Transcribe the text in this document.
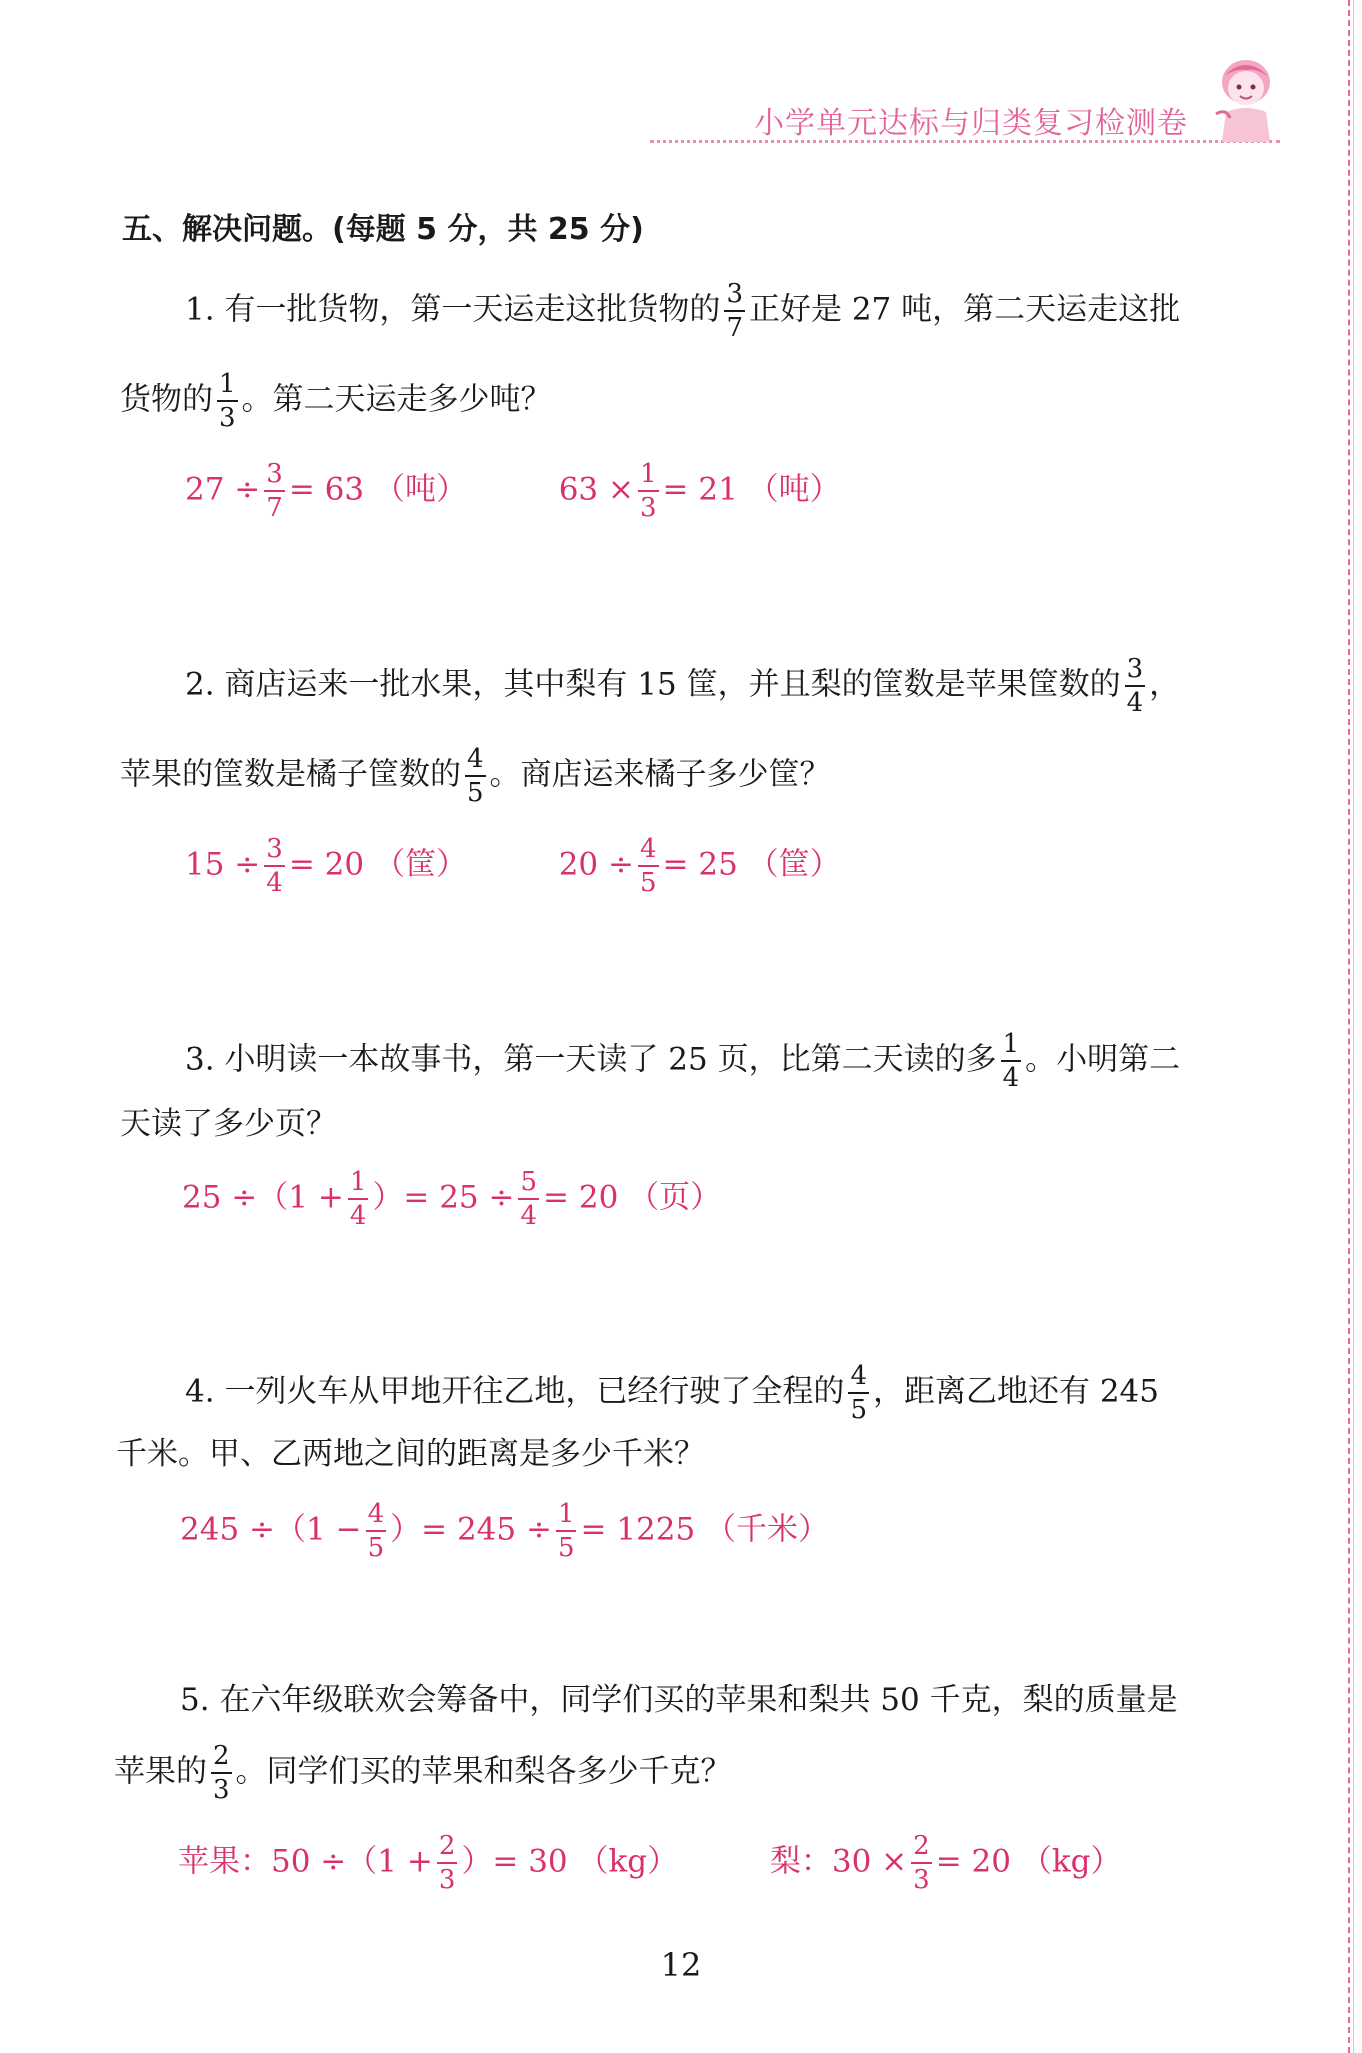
小学单元达标与归类复习检测卷
五、解决问题。(每题 5 分，共 25 分)
1. 有一批货物，第一天运走这批货物的 $\frac{3}{7}$ 正好是 27 吨，第二天运走这批
货物的 $\frac{1}{3}$ 。第二天运走多少吨？
$27 \div \frac{3}{7} = 63$ （吨）	$63 \times \frac{1}{3} = 21$ （吨）
2. 商店运来一批水果，其中梨有 15 筐，并且梨的筐数是苹果筐数的 $\frac{3}{4}$ ，
苹果的筐数是橘子筐数的 $\frac{4}{5}$ 。商店运来橘子多少筐？
$15 \div \frac{3}{4} = 20$ （筐）	$20 \div \frac{4}{5} = 25$ （筐）
3. 小明读一本故事书，第一天读了 25 页，比第二天读的多 $\frac{1}{4}$ 。小明第二
天读了多少页？
$25 \div(1 + \frac{1}{4}$ ）= $25 \div \frac{5}{4} = 20$ （页）
4. 一列火车从甲地开往乙地，已经行驶了全程的 $\frac{4}{5}$ ，距离乙地还有 245
千米。甲、乙两地之间的距离是多少千米？
$245 \div(1 - \frac{4}{5}$ ）= $245 \div \frac{1}{5} = 1225$ （千米）
5. 在六年级联欢会筹备中，同学们买的苹果和梨共 50 千克，梨的质量是
苹果的 $\frac{2}{3}$ 。同学们买的苹果和梨各多少千克？
苹果：$50 \div(1 + \frac{2}{3}$ ）= 30 （kg）	梨：$30 \times \frac{2}{3} = 20$ （kg）
12
